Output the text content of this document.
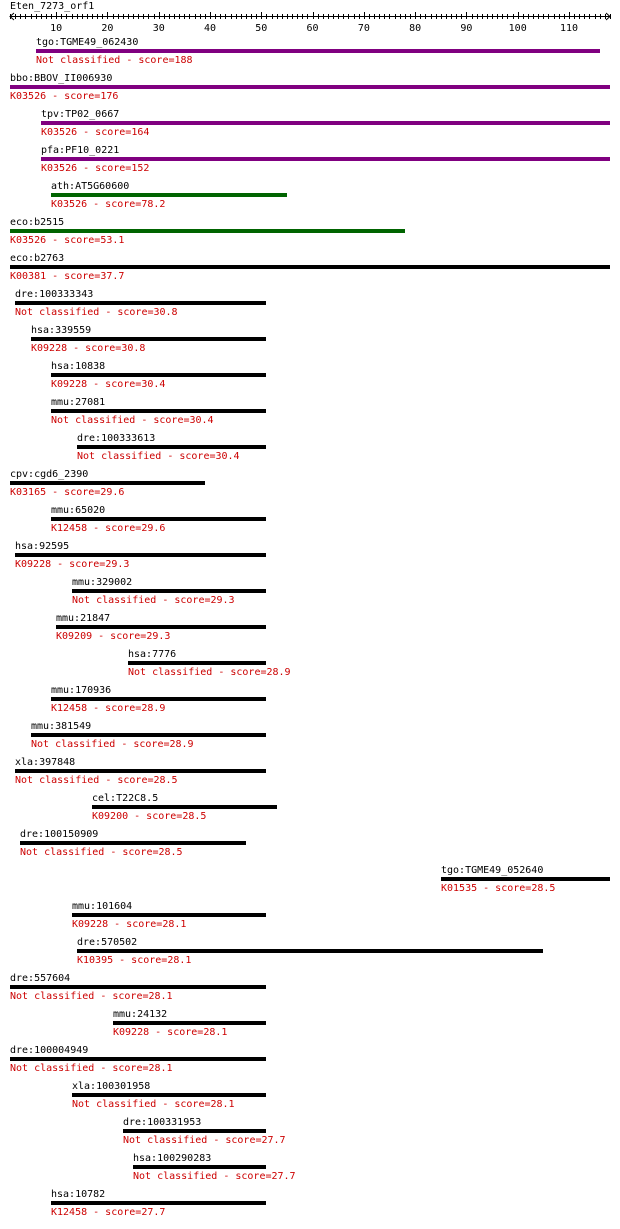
Eten_7273_orf1
10	20	30	40	50	60	70	80	90	100	110
tgo:TGME49_062430
Not classified - score=188
bbo:BBOV_II006930
K03526 - score=176
tpv:TP02_0667
K03526 - score=164
pfa:PF10_0221
K03526 - score=152
ath:AT5G60600
K03526 - score=78.2
eco:b2515
K03526 - score=53.1
eco:b2763
K00381 - score=37.7
dre:100333343
Not classified - score=30.8
hsa:339559
K09228 - score=30.8
hsa:10838
K09228 - score=30.4
mmu:27081
Not classified - score=30.4
dre:100333613
Not classified - score=30.4
cpv:cgd6_2390
K03165 - score=29.6
mmu:65020
K12458 - score=29.6
hsa:92595
K09228 - score=29.3
mmu:329002
Not classified - score=29.3
mmu:21847
K09209 - score=29.3
hsa:7776
Not classified - score=28.9
mmu:170936
K12458 - score=28.9
mmu:381549
Not classified - score=28.9
xla:397848
Not classified - score=28.5
cel:T22C8.5
K09200 - score=28.5
dre:100150909
Not classified - score=28.5
tgo:TGME49_052640
K01535 - score=28.5
mmu:101604
K09228 - score=28.1
dre:570502
K10395 - score=28.1
dre:557604
Not classified - score=28.1
mmu:24132
K09228 - score=28.1
dre:100004949
Not classified - score=28.1
xla:100301958
Not classified - score=28.1
dre:100331953
Not classified - score=27.7
hsa:100290283
Not classified - score=27.7
hsa:10782
K12458 - score=27.7
